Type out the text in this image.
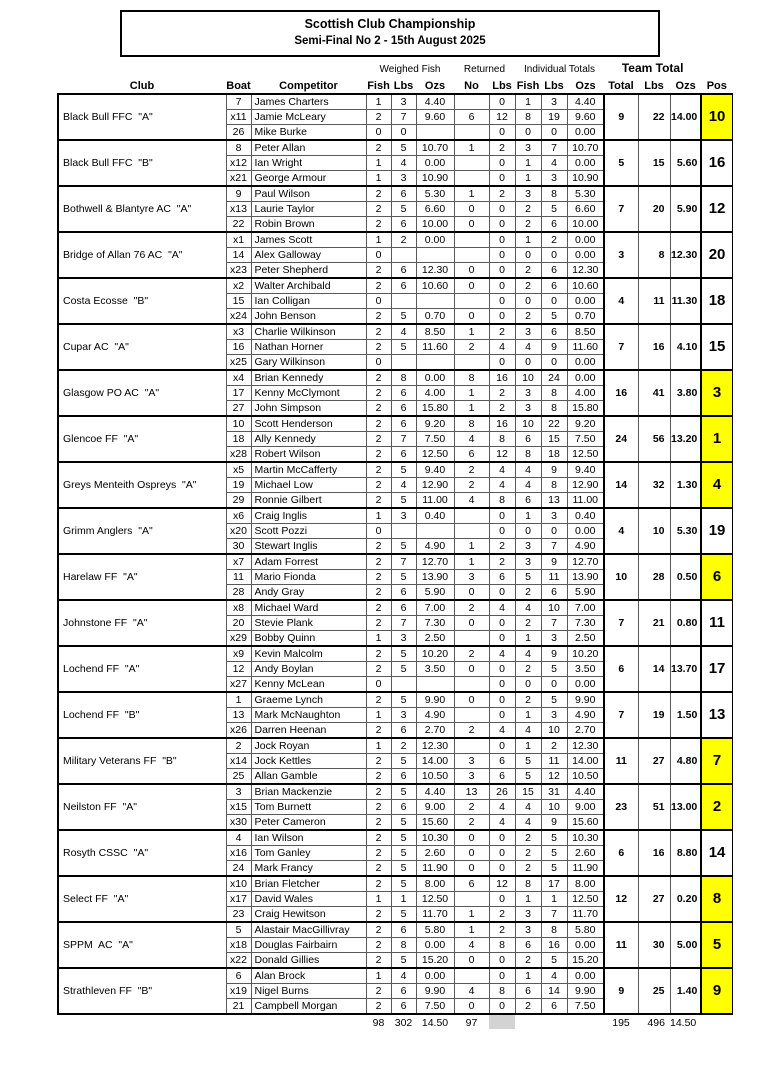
Scottish Club Championship
Semi-Final No 2 - 15th August 2025
			Weighed Fish			Returned		Individual Totals			Team Total			
Club	Boat	Competitor	Fish	Lbs	Ozs	No	Lbs	Fish	Lbs	Ozs	Total	Lbs	Ozs	Pos
Black Bull FFC  "A"	7	James Charters	1	3	4.40		0	1	3	4.40	9	22	14.00	10
	x11	Jamie McLeary	2	7	9.60	6	12	8	19	9.60				
	26	Mike Burke	0	0			0	0	0	0.00				
Black Bull FFC  "B"	8	Peter Allan	2	5	10.70	1	2	3	7	10.70	5	15	5.60	16
	x12	Ian Wright	1	4	0.00		0	1	4	0.00				
	x21	George Armour	1	3	10.90		0	1	3	10.90				
Bothwell & Blantyre AC  "A"	9	Paul Wilson	2	6	5.30	1	2	3	8	5.30	7	20	5.90	12
	x13	Laurie Taylor	2	5	6.60	0	0	2	5	6.60				
	22	Robin Brown	2	6	10.00	0	0	2	6	10.00				
Bridge of Allan 76 AC  "A"	x1	James Scott	1	2	0.00		0	1	2	0.00	3	8	12.30	20
	14	Alex Galloway	0				0	0	0	0.00				
	x23	Peter Shepherd	2	6	12.30	0	0	2	6	12.30				
Costa Ecosse  "B"	x2	Walter Archibald	2	6	10.60	0	0	2	6	10.60	4	11	11.30	18
	15	Ian Colligan	0				0	0	0	0.00				
	x24	John Benson	2	5	0.70	0	0	2	5	0.70				
Cupar AC  "A"	x3	Charlie Wilkinson	2	4	8.50	1	2	3	6	8.50	7	16	4.10	15
	16	Nathan Horner	2	5	11.60	2	4	4	9	11.60				
	x25	Gary Wilkinson	0				0	0	0	0.00				
Glasgow PO AC  "A"	x4	Brian Kennedy	2	8	0.00	8	16	10	24	0.00	16	41	3.80	3
	17	Kenny McClymont	2	6	4.00	1	2	3	8	4.00				
	27	John Simpson	2	6	15.80	1	2	3	8	15.80				
Glencoe FF  "A"	10	Scott Henderson	2	6	9.20	8	16	10	22	9.20	24	56	13.20	1
	18	Ally Kennedy	2	7	7.50	4	8	6	15	7.50				
	x28	Robert Wilson	2	6	12.50	6	12	8	18	12.50				
Greys Menteith Ospreys  "A"	x5	Martin McCafferty	2	5	9.40	2	4	4	9	9.40	14	32	1.30	4
	19	Michael Low	2	4	12.90	2	4	4	8	12.90				
	29	Ronnie Gilbert	2	5	11.00	4	8	6	13	11.00				
Grimm Anglers  "A"	x6	Craig Inglis	1	3	0.40		0	1	3	0.40	4	10	5.30	19
	x20	Scott Pozzi	0				0	0	0	0.00				
	30	Stewart Inglis	2	5	4.90	1	2	3	7	4.90				
Harelaw FF  "A"	x7	Adam Forrest	2	7	12.70	1	2	3	9	12.70	10	28	0.50	6
	11	Mario Fionda	2	5	13.90	3	6	5	11	13.90				
	28	Andy Gray	2	6	5.90	0	0	2	6	5.90				
Johnstone FF  "A"	x8	Michael Ward	2	6	7.00	2	4	4	10	7.00	7	21	0.80	11
	20	Stevie Plank	2	7	7.30	0	0	2	7	7.30				
	x29	Bobby Quinn	1	3	2.50		0	1	3	2.50				
Lochend FF  "A"	x9	Kevin Malcolm	2	5	10.20	2	4	4	9	10.20	6	14	13.70	17
	12	Andy Boylan	2	5	3.50	0	0	2	5	3.50				
	x27	Kenny McLean	0				0	0	0	0.00				
Lochend FF  "B"	1	Graeme Lynch	2	5	9.90	0	0	2	5	9.90	7	19	1.50	13
	13	Mark McNaughton	1	3	4.90		0	1	3	4.90				
	x26	Darren Heenan	2	6	2.70	2	4	4	10	2.70				
Military Veterans FF  "B"	2	Jock Royan	1	2	12.30		0	1	2	12.30	11	27	4.80	7
	x14	Jock Kettles	2	5	14.00	3	6	5	11	14.00				
	25	Allan Gamble	2	6	10.50	3	6	5	12	10.50				
Neilston FF  "A"	3	Brian Mackenzie	2	5	4.40	13	26	15	31	4.40	23	51	13.00	2
	x15	Tom Burnett	2	6	9.00	2	4	4	10	9.00				
	x30	Peter Cameron	2	5	15.60	2	4	4	9	15.60				
Rosyth CSSC  "A"	4	Ian Wilson	2	5	10.30	0	0	2	5	10.30	6	16	8.80	14
	x16	Tom Ganley	2	5	2.60	0	0	2	5	2.60				
	24	Mark Francy	2	5	11.90	0	0	2	5	11.90				
Select FF  "A"	x10	Brian Fletcher	2	5	8.00	6	12	8	17	8.00	12	27	0.20	8
	x17	David Wales	1	1	12.50		0	1	1	12.50				
	23	Craig Hewitson	2	5	11.70	1	2	3	7	11.70				
SPPM  AC  "A"	5	Alastair MacGillivray	2	6	5.80	1	2	3	8	5.80	11	30	5.00	5
	x18	Douglas Fairbairn	2	8	0.00	4	8	6	16	0.00				
	x22	Donald Gillies	2	5	15.20	0	0	2	5	15.20				
Strathleven FF  "B"	6	Alan Brock	1	4	0.00		0	1	4	0.00	9	25	1.40	9
	x19	Nigel Burns	2	6	9.90	4	8	6	14	9.90				
	21	Campbell Morgan	2	6	7.50	0	0	2	6	7.50				
			98	302	14.50	97					195	496	14.50	
